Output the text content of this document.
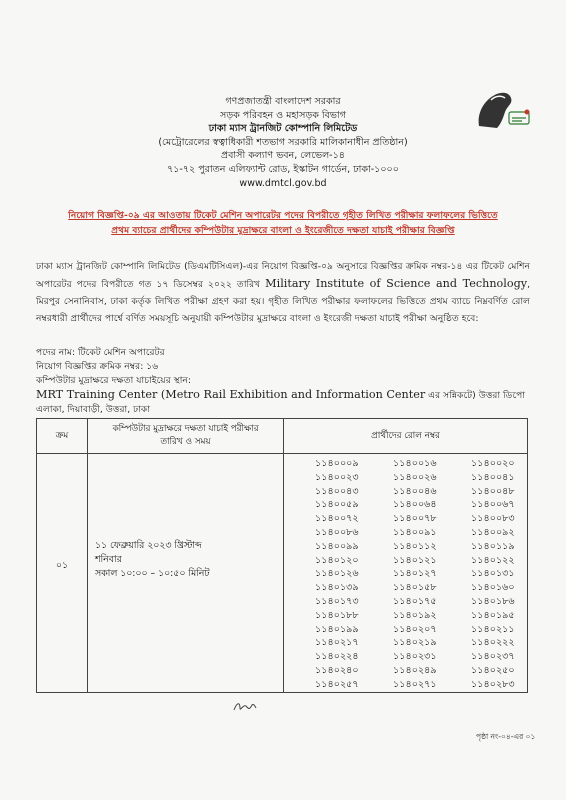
গণপ্রজাতন্ত্রী বাংলাদেশ সরকার
সড়ক পরিবহন ও মহাসড়ক বিভাগ
ঢাকা ম্যাস ট্রানজিট কোম্পানি লিমিটেড
(মেট্রোরেলের স্বত্বাধিকারী শতভাগ সরকারি মালিকানাধীন প্রতিষ্ঠান)
প্রবাসী কল্যাণ ভবন, লেভেল-১৪
৭১-৭২ পুরাতন এলিফ্যান্ট রোড, ইস্কাটন গার্ডেন, ঢাকা-১০০০
www.dmtcl.gov.bd
নিয়োগ বিজ্ঞপ্তি-০৯ এর আওতায় টিকেট মেশিন অপারেটর পদের বিপরীতে গৃহীত লিখিত পরীক্ষার ফলাফলের ভিত্তিতে
প্রথম ব্যাচের প্রার্থীদের কম্পিউটার মুদ্রাক্ষরে বাংলা ও ইংরেজীতে দক্ষতা যাচাই পরীক্ষার বিজ্ঞপ্তি
ঢাকা ম্যাস ট্রানজিট কোম্পানি লিমিটেড (ডিএমটিসিএল)-এর নিয়োগ বিজ্ঞপ্তি-০৯ অনুসারে বিজ্ঞপ্তির ক্রমিক নম্বর-১৪ এর টিকেট মেশিন অপারেটর পদের বিপরীতে গত ১৭ ডিসেম্বর ২০২২ তারিখ Military Institute of Science and Technology, মিরপুর সেনানিবাস, ঢাকা কর্তৃক লিখিত পরীক্ষা গ্রহণ করা হয়। গৃহীত লিখিত পরীক্ষার ফলাফলের ভিত্তিতে প্রথম ব্যাচে নিম্নবর্ণিত রোল নম্বরধারী প্রার্থীদের পার্শ্বে বর্ণিত সময়সূচি অনুযায়ী কম্পিউটার মুদ্রাক্ষরে বাংলা ও ইংরেজী দক্ষতা যাচাই পরীক্ষা অনুষ্ঠিত হবে:
পদের নাম: টিকেট মেশিন অপারেটর
নিয়োগ বিজ্ঞপ্তির ক্রমিক নম্বর: ১৬
কম্পিউটার মুদ্রাক্ষরে দক্ষতা যাচাইয়ের স্থান:
MRT Training Center (Metro Rail Exhibition and Information Center এর সন্নিকটে) উত্তরা ডিপো
এলাকা, দিয়াবাড়ী, উত্তরা, ঢাকা
ক্রম
কম্পিউটার মুদ্রাক্ষরে দক্ষতা যাচাই পরীক্ষার
তারিখ ও সময়
প্রার্থীদের রোল নম্বর
০১
১১ ফেব্রুয়ারি ২০২৩ খ্রিস্টাব্দ
শনিবার
সকাল ১০:০০ – ১০:৫০ মিনিট
১১৪০০০৯	১১৪০০১৬	১১৪০০২০
১১৪০০২৩	১১৪০০২৬	১১৪০০৪১
১১৪০০৪৩	১১৪০০৪৬	১১৪০০৪৮
১১৪০০৫৯	১১৪০০৬৪	১১৪০০৬৭
১১৪০০৭২	১১৪০০৭৮	১১৪০০৮৩
১১৪০০৮৬	১১৪০০৯১	১১৪০০৯২
১১৪০০৯৯	১১৪০১১২	১১৪০১১৯
১১৪০১২০	১১৪০১২১	১১৪০১২২
১১৪০১২৬	১১৪০১২৭	১১৪০১৩১
১১৪০১৩৯	১১৪০১৫৮	১১৪০১৬০
১১৪০১৭৩	১১৪০১৭৫	১১৪০১৮৬
১১৪০১৮৮	১১৪০১৯২	১১৪০১৯৫
১১৪০১৯৯	১১৪০২০৭	১১৪০২১১
১১৪০২১৭	১১৪০২১৯	১১৪০২২২
১১৪০২২৪	১১৪০২৩১	১১৪০২৩৭
১১৪০২৪০	১১৪০২৪৯	১১৪০২৫০
১১৪০২৫৭	১১৪০২৭১	১১৪০২৮৩
পৃষ্ঠা নং-০৪-এর ০১
